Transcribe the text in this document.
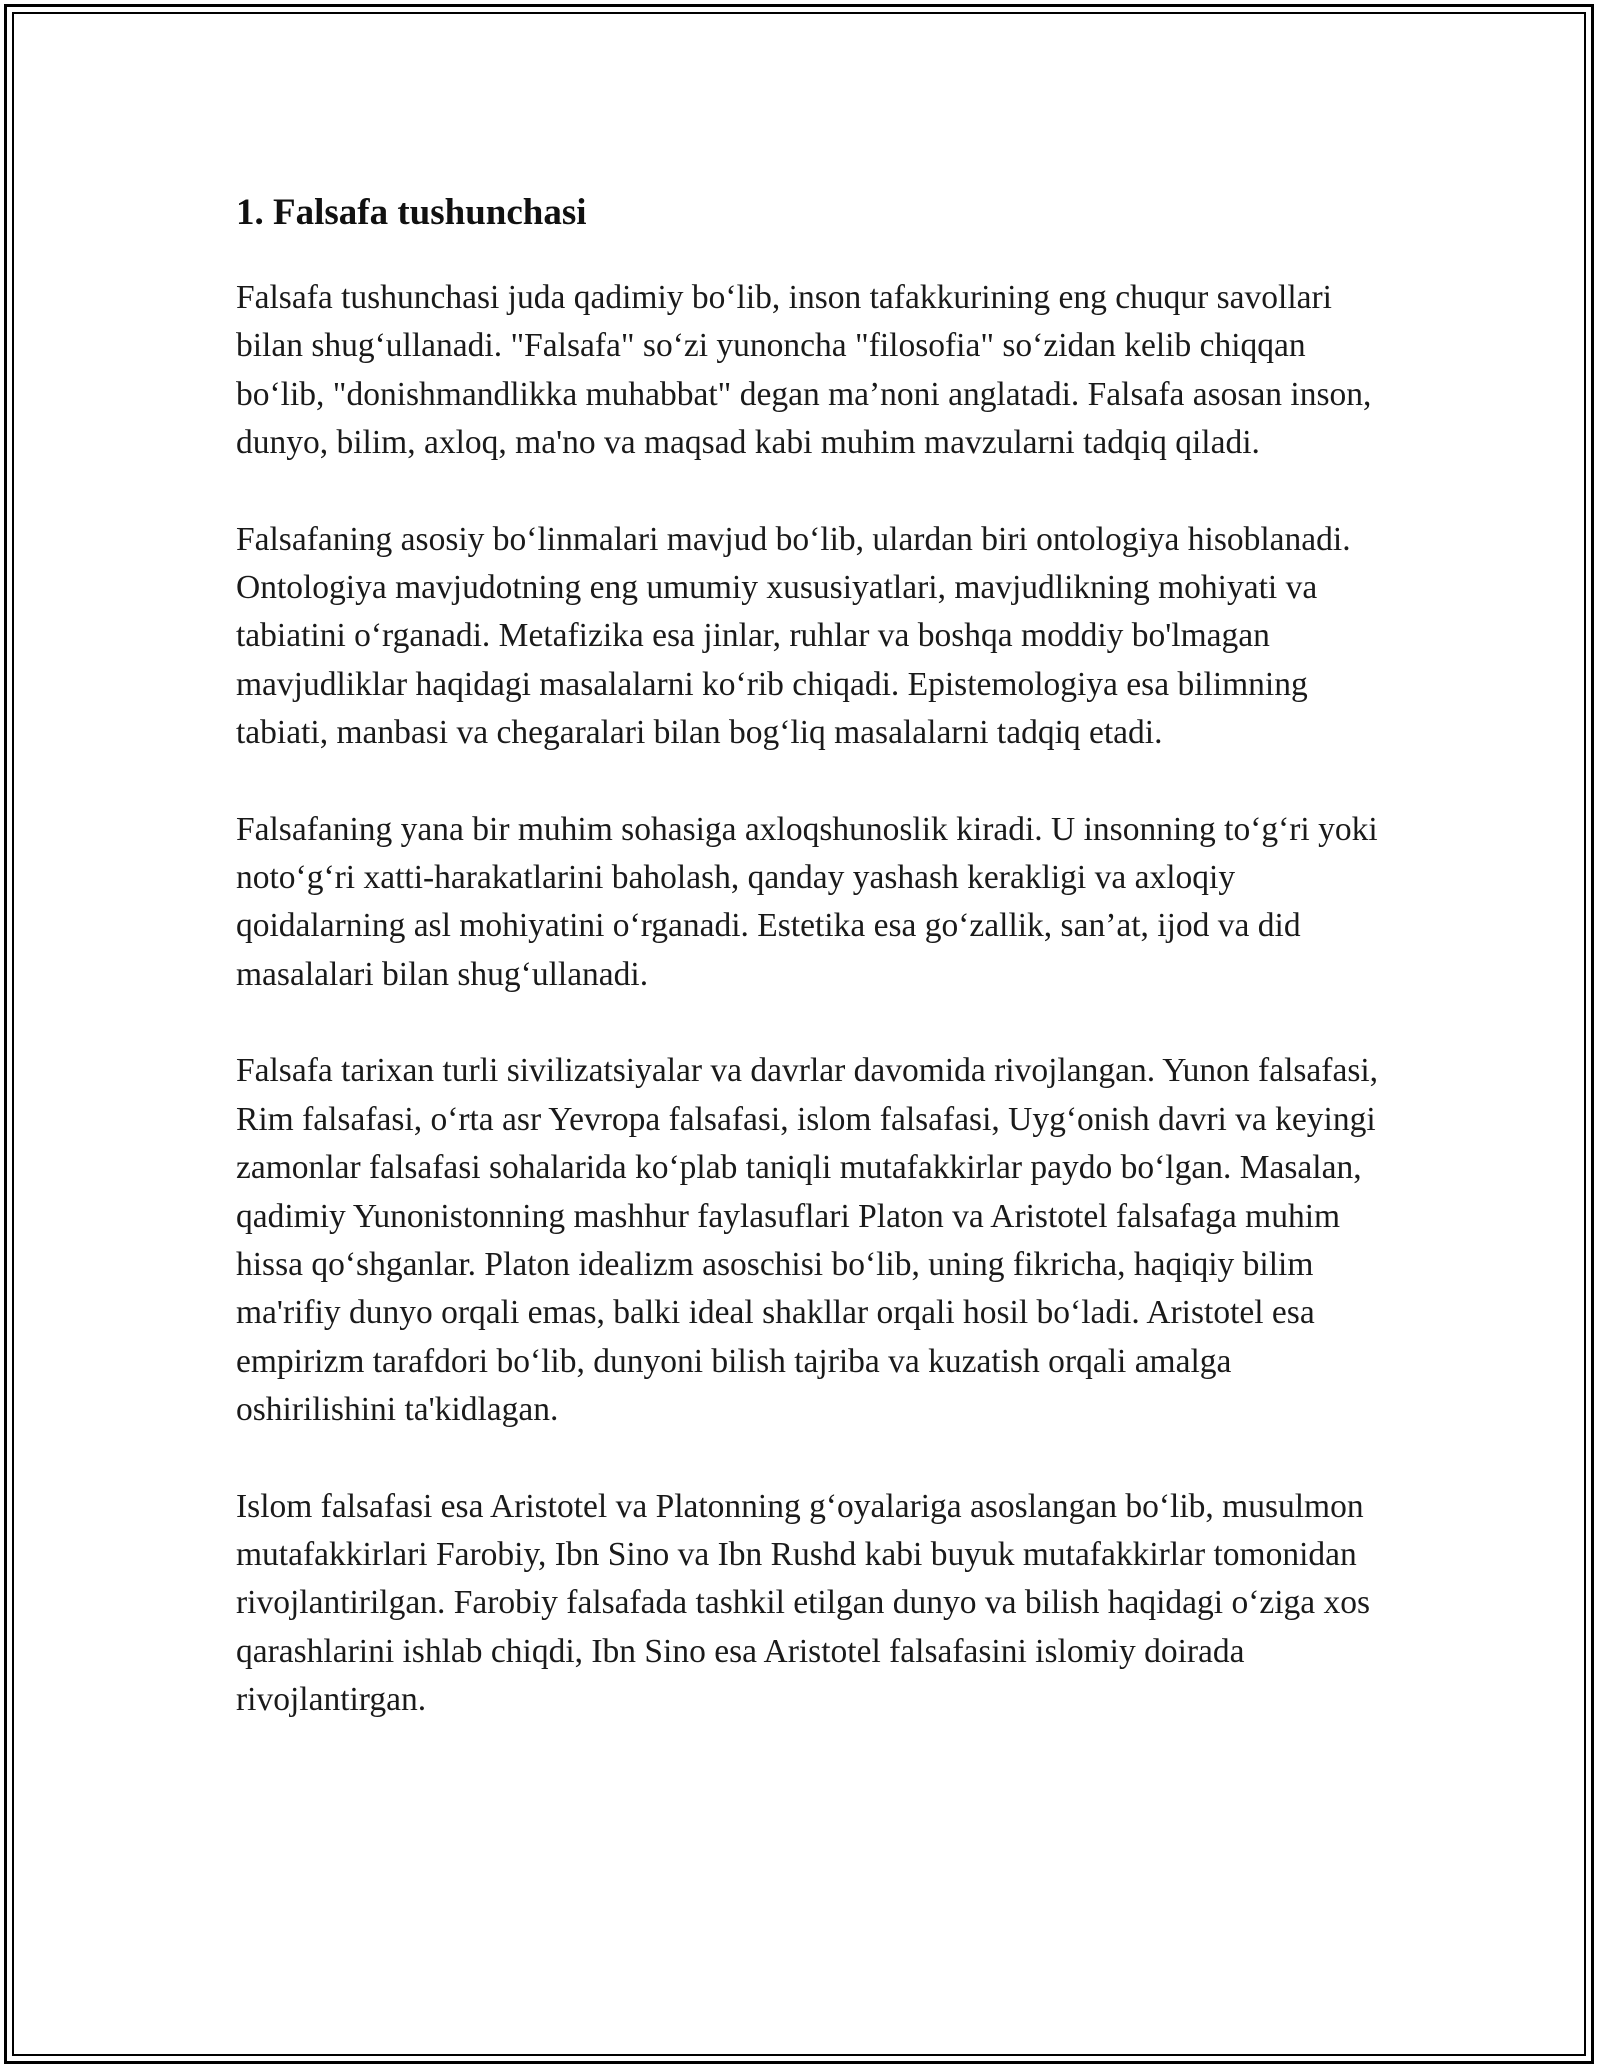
1. Falsafa tushunchasi

Falsafa tushunchasi juda qadimiy bo‘lib, inson tafakkurining eng chuqur savollari bilan shug‘ullanadi. "Falsafa" so‘zi yunoncha "filosofia" so‘zidan kelib chiqqan bo‘lib, "donishmandlikka muhabbat" degan ma’noni anglatadi. Falsafa asosan inson, dunyo, bilim, axloq, ma'no va maqsad kabi muhim mavzularni tadqiq qiladi.

Falsafaning asosiy bo‘linmalari mavjud bo‘lib, ulardan biri ontologiya hisoblanadi. Ontologiya mavjudotning eng umumiy xususiyatlari, mavjudlikning mohiyati va tabiatini o‘rganadi. Metafizika esa jinlar, ruhlar va boshqa moddiy bo'lmagan mavjudliklar haqidagi masalalarni ko‘rib chiqadi. Epistemologiya esa bilimning tabiati, manbasi va chegaralari bilan bog‘liq masalalarni tadqiq etadi.

Falsafaning yana bir muhim sohasiga axloqshunoslik kiradi. U insonning to‘g‘ri yoki noto‘g‘ri xatti-harakatlarini baholash, qanday yashash kerakligi va axloqiy qoidalarning asl mohiyatini o‘rganadi. Estetika esa go‘zallik, san’at, ijod va did masalalari bilan shug‘ullanadi.

Falsafa tarixan turli sivilizatsiyalar va davrlar davomida rivojlangan. Yunon falsafasi, Rim falsafasi, o‘rta asr Yevropa falsafasi, islom falsafasi, Uyg‘onish davri va keyingi zamonlar falsafasi sohalarida ko‘plab taniqli mutafakkirlar paydo bo‘lgan. Masalan, qadimiy Yunonistonning mashhur faylasuflari Platon va Aristotel falsafaga muhim hissa qo‘shganlar. Platon idealizm asoschisi bo‘lib, uning fikricha, haqiqiy bilim ma'rifiy dunyo orqali emas, balki ideal shakllar orqali hosil bo‘ladi. Aristotel esa empirizm tarafdori bo‘lib, dunyoni bilish tajriba va kuzatish orqali amalga oshirilishini ta'kidlagan.

Islom falsafasi esa Aristotel va Platonning g‘oyalariga asoslangan bo‘lib, musulmon mutafakkirlari Farobiy, Ibn Sino va Ibn Rushd kabi buyuk mutafakkirlar tomonidan rivojlantirilgan. Farobiy falsafada tashkil etilgan dunyo va bilish haqidagi o‘ziga xos qarashlarini ishlab chiqdi, Ibn Sino esa Aristotel falsafasini islomiy doirada rivojlantirgan.
